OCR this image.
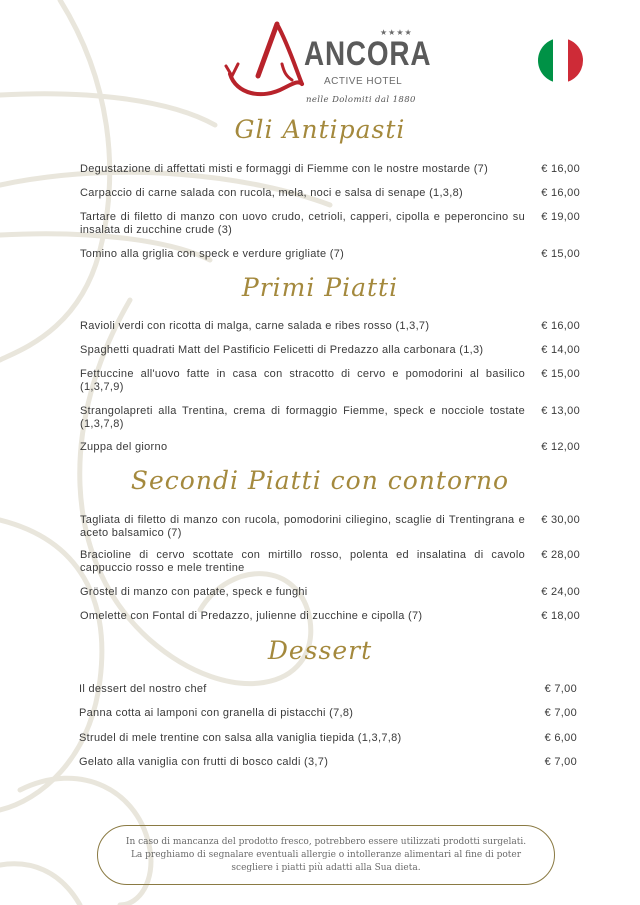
★★★★
ANCORA
ACTIVE HOTEL
nelle Dolomiti dal 1880
Gli Antipasti
Degustazione di affettati misti e formaggi di Fiemme con le nostre mostarde (7)	€ 16,00
Carpaccio di carne salada con rucola, mela, noci e salsa di senape (1,3,8)	€ 16,00
Tartare di filetto di manzo con uovo crudo, cetrioli, capperi, cipolla e peperoncino su insalata di zucchine crude (3)
€ 19,00
Tomino alla griglia con speck e verdure grigliate (7)	€ 15,00
Primi Piatti
Ravioli verdi con ricotta di malga, carne salada e ribes rosso (1,3,7)	€ 16,00
Spaghetti quadrati Matt del Pastificio Felicetti di Predazzo alla carbonara (1,3)	€ 14,00
Fettuccine all'uovo fatte in casa con stracotto di cervo e pomodorini al basilico (1,3,7,9)
€ 15,00
Strangolapreti alla Trentina, crema di formaggio Fiemme, speck e nocciole tostate (1,3,7,8)
€ 13,00
Zuppa del giorno	€ 12,00
Secondi Piatti con contorno
Tagliata di filetto di manzo con rucola, pomodorini ciliegino, scaglie di Trentingrana e aceto balsamico (7)
€ 30,00
Bracioline di cervo scottate con mirtillo rosso, polenta ed insalatina di cavolo cappuccio rosso e mele trentine
€ 28,00
Gröstel di manzo con patate, speck e funghi	€ 24,00
Omelette con Fontal di Predazzo, julienne di zucchine e cipolla (7)	€ 18,00
Dessert
Il dessert del nostro chef	€ 7,00
Panna cotta ai lamponi con granella di pistacchi (7,8)	€ 7,00
Strudel di mele trentine con salsa alla vaniglia tiepida (1,3,7,8)	€ 6,00
Gelato alla vaniglia con frutti di bosco caldi (3,7)	€ 7,00
In caso di mancanza del prodotto fresco, potrebbero essere utilizzati prodotti surgelati.
La preghiamo di segnalare eventuali allergie o intolleranze alimentari al fine di poter
scegliere i piatti più adatti alla Sua dieta.
